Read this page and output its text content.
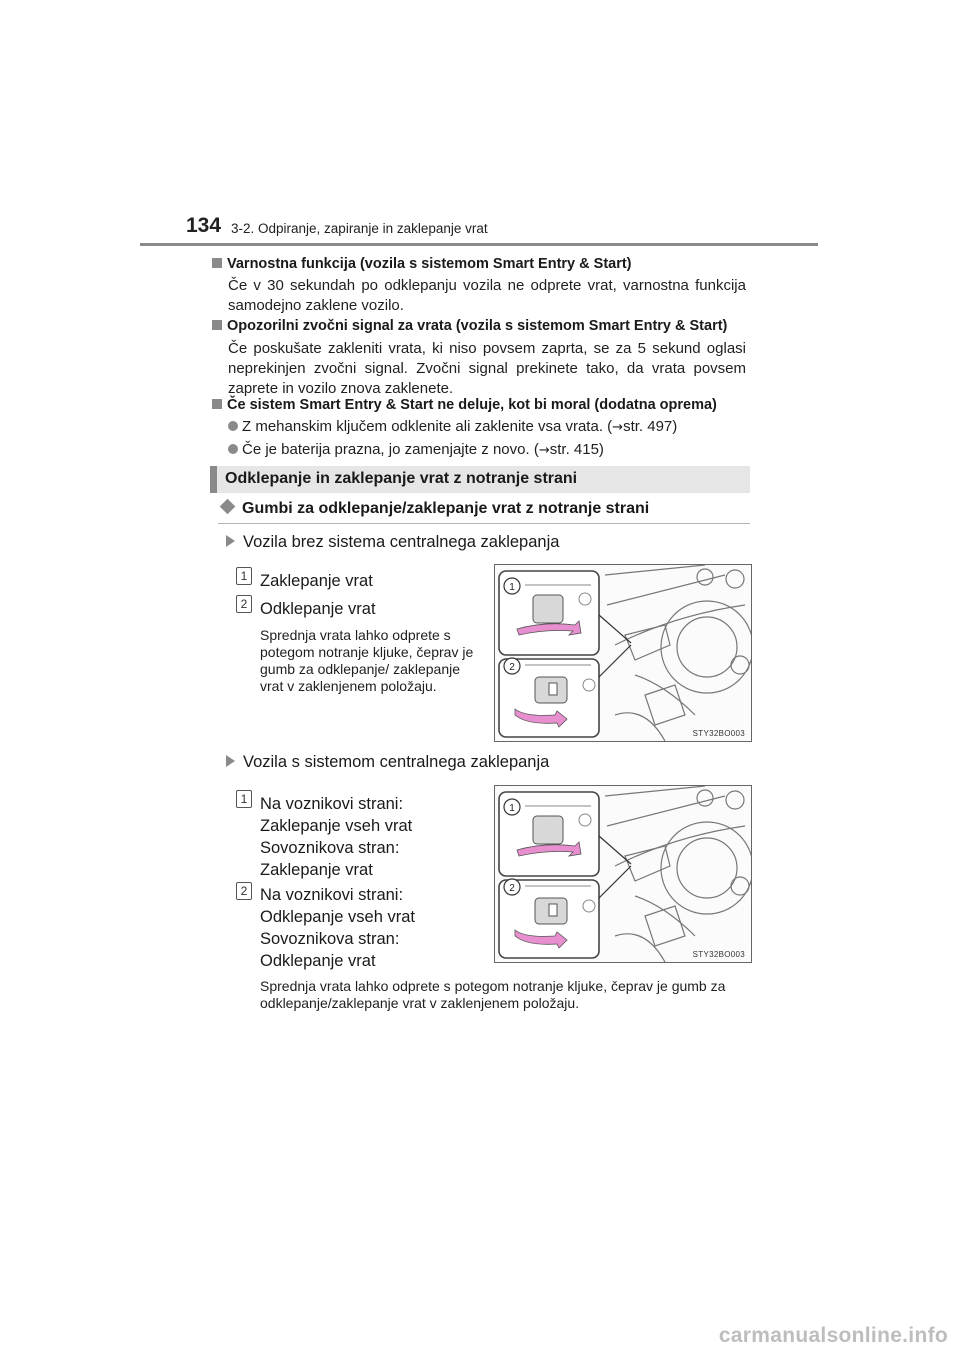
134 3-2. Odpiranje, zapiranje in zaklepanje vrat
Varnostna funkcija (vozila s sistemom Smart Entry & Start)
Če v 30 sekundah po odklepanju vozila ne odprete vrat, varnostna funkcija samodejno zaklene vozilo.
Opozorilni zvočni signal za vrata (vozila s sistemom Smart Entry & Start)
Če poskušate zakleniti vrata, ki niso povsem zaprta, se za 5 sekund oglasi neprekinjen zvočni signal. Zvočni signal prekinete tako, da vrata povsem zaprete in vozilo znova zaklenete.
Če sistem Smart Entry & Start ne deluje, kot bi moral (dodatna oprema)
Z mehanskim ključem odklenite ali zaklenite vsa vrata. (→str. 497)
Če je baterija prazna, jo zamenjajte z novo. (→str. 415)
Odklepanje in zaklepanje vrat z notranje strani
Gumbi za odklepanje/zaklepanje vrat z notranje strani
Vozila brez sistema centralnega zaklepanja
1 Zaklepanje vrat
2 Odklepanje vrat
Sprednja vrata lahko odprete s potegom notranje kljuke, čeprav je gumb za odklepanje/ zaklepanje vrat v zaklenjenem položaju.
1
2
STY32BO003
Vozila s sistemom centralnega zaklepanja
1 Na voznikovi strani:
Zaklepanje vseh vrat
Sovoznikova stran:
Zaklepanje vrat
2 Na voznikovi strani:
Odklepanje vseh vrat
Sovoznikova stran:
Odklepanje vrat
Sprednja vrata lahko odprete s potegom notranje kljuke, čeprav je gumb za odklepanje/zaklepanje vrat v zaklenjenem položaju.
1
2
STY32BO003
carmanualsonline.info
